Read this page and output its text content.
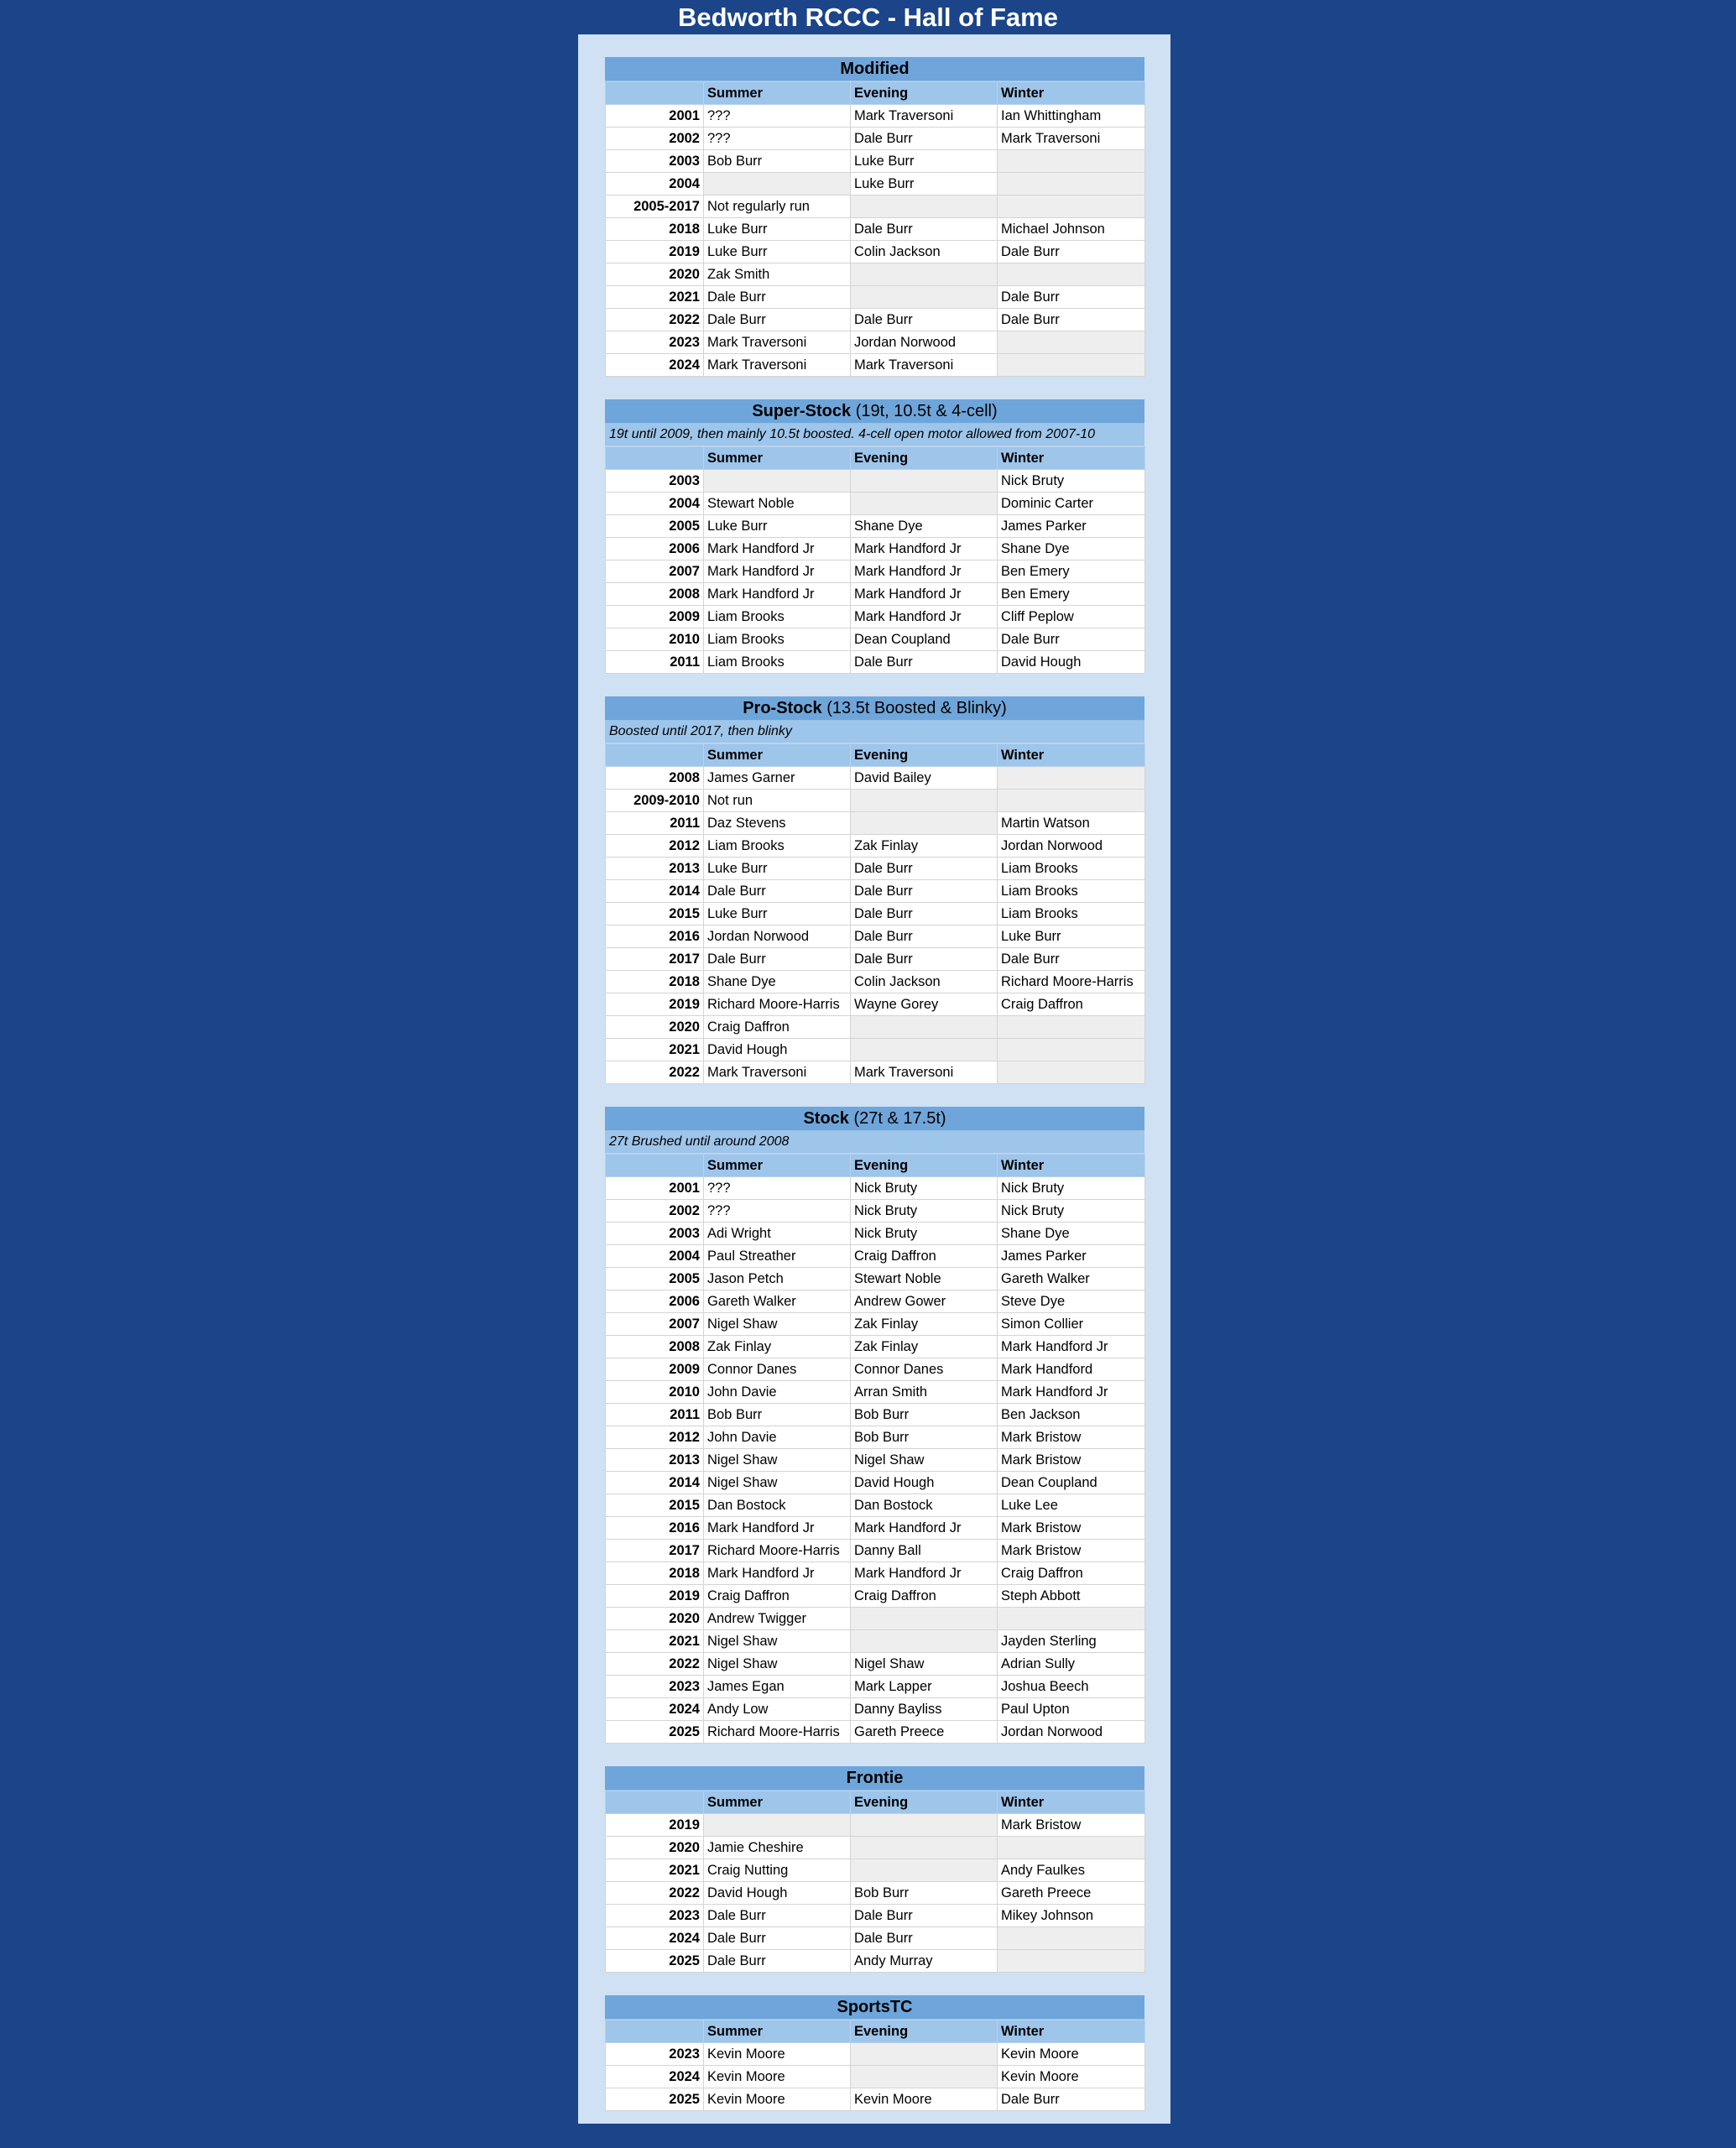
Bedworth RCCC - Hall of Fame
Modified
	Summer	Evening	Winter
2001	???	Mark Traversoni	Ian Whittingham
2002	???	Dale Burr	Mark Traversoni
2003	Bob Burr	Luke Burr	
2004		Luke Burr	
2005-2017	Not regularly run		
2018	Luke Burr	Dale Burr	Michael Johnson
2019	Luke Burr	Colin Jackson	Dale Burr
2020	Zak Smith		
2021	Dale Burr		Dale Burr
2022	Dale Burr	Dale Burr	Dale Burr
2023	Mark Traversoni	Jordan Norwood	
2024	Mark Traversoni	Mark Traversoni	
Super-Stock (19t, 10.5t & 4-cell)
19t until 2009, then mainly 10.5t boosted. 4-cell open motor allowed from 2007-10
	Summer	Evening	Winter
2003			Nick Bruty
2004	Stewart Noble		Dominic Carter
2005	Luke Burr	Shane Dye	James Parker
2006	Mark Handford Jr	Mark Handford Jr	Shane Dye
2007	Mark Handford Jr	Mark Handford Jr	Ben Emery
2008	Mark Handford Jr	Mark Handford Jr	Ben Emery
2009	Liam Brooks	Mark Handford Jr	Cliff Peplow
2010	Liam Brooks	Dean Coupland	Dale Burr
2011	Liam Brooks	Dale Burr	David Hough
Pro-Stock (13.5t Boosted & Blinky)
Boosted until 2017, then blinky
	Summer	Evening	Winter
2008	James Garner	David Bailey	
2009-2010	Not run		
2011	Daz Stevens		Martin Watson
2012	Liam Brooks	Zak Finlay	Jordan Norwood
2013	Luke Burr	Dale Burr	Liam Brooks
2014	Dale Burr	Dale Burr	Liam Brooks
2015	Luke Burr	Dale Burr	Liam Brooks
2016	Jordan Norwood	Dale Burr	Luke Burr
2017	Dale Burr	Dale Burr	Dale Burr
2018	Shane Dye	Colin Jackson	Richard Moore-Harris
2019	Richard Moore-Harris	Wayne Gorey	Craig Daffron
2020	Craig Daffron		
2021	David Hough		
2022	Mark Traversoni	Mark Traversoni	
Stock (27t & 17.5t)
27t Brushed until around 2008
	Summer	Evening	Winter
2001	???	Nick Bruty	Nick Bruty
2002	???	Nick Bruty	Nick Bruty
2003	Adi Wright	Nick Bruty	Shane Dye
2004	Paul Streather	Craig Daffron	James Parker
2005	Jason Petch	Stewart Noble	Gareth Walker
2006	Gareth Walker	Andrew Gower	Steve Dye
2007	Nigel Shaw	Zak Finlay	Simon Collier
2008	Zak Finlay	Zak Finlay	Mark Handford Jr
2009	Connor Danes	Connor Danes	Mark Handford
2010	John Davie	Arran Smith	Mark Handford Jr
2011	Bob Burr	Bob Burr	Ben Jackson
2012	John Davie	Bob Burr	Mark Bristow
2013	Nigel Shaw	Nigel Shaw	Mark Bristow
2014	Nigel Shaw	David Hough	Dean Coupland
2015	Dan Bostock	Dan Bostock	Luke Lee
2016	Mark Handford Jr	Mark Handford Jr	Mark Bristow
2017	Richard Moore-Harris	Danny Ball	Mark Bristow
2018	Mark Handford Jr	Mark Handford Jr	Craig Daffron
2019	Craig Daffron	Craig Daffron	Steph Abbott
2020	Andrew Twigger		
2021	Nigel Shaw		Jayden Sterling
2022	Nigel Shaw	Nigel Shaw	Adrian Sully
2023	James Egan	Mark Lapper	Joshua Beech
2024	Andy Low	Danny Bayliss	Paul Upton
2025	Richard Moore-Harris	Gareth Preece	Jordan Norwood
Frontie
	Summer	Evening	Winter
2019			Mark Bristow
2020	Jamie Cheshire		
2021	Craig Nutting		Andy Faulkes
2022	David Hough	Bob Burr	Gareth Preece
2023	Dale Burr	Dale Burr	Mikey Johnson
2024	Dale Burr	Dale Burr	
2025	Dale Burr	Andy Murray	
SportsTC
	Summer	Evening	Winter
2023	Kevin Moore		Kevin Moore
2024	Kevin Moore		Kevin Moore
2025	Kevin Moore	Kevin Moore	Dale Burr
